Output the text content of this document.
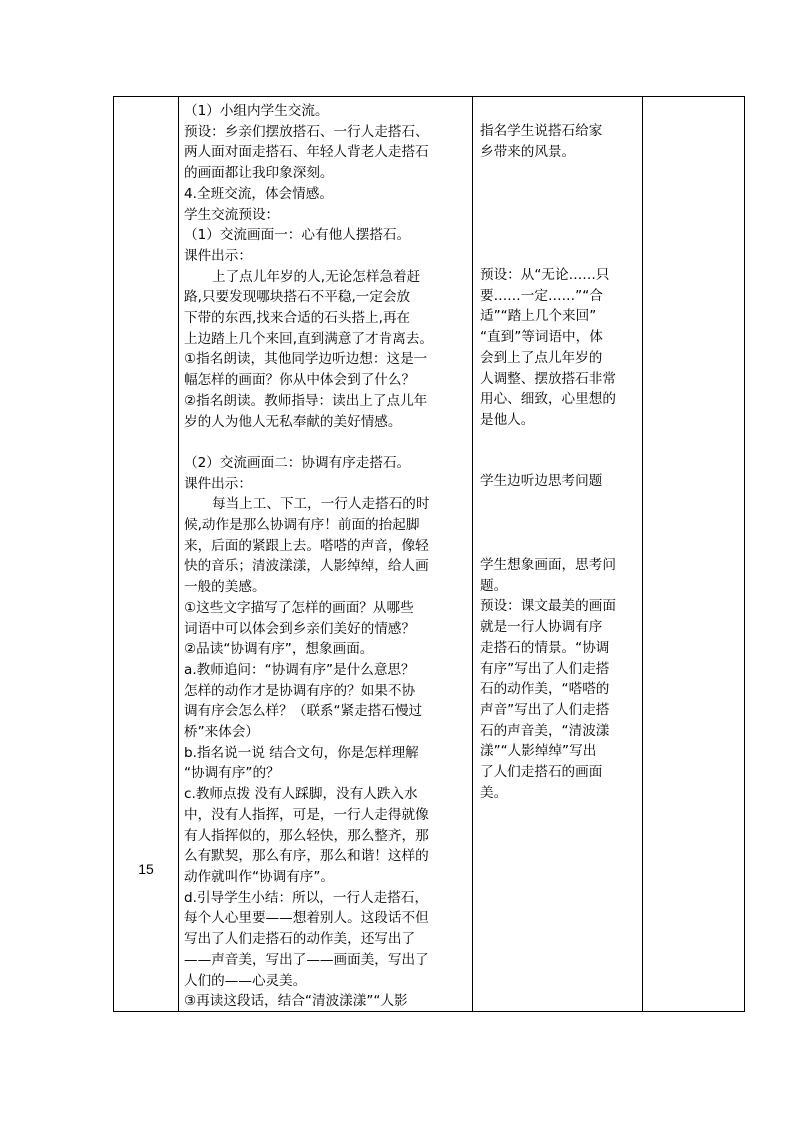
15
（1）小组内学生交流。
预设：乡亲们摆放搭石、一行人走搭石、
两人面对面走搭石、年轻人背老人走搭石
的画面都让我印象深刻。
4.全班交流，体会情感。
学生交流预设：
（1）交流画面一：心有他人摆搭石。
课件出示：
上了点儿年岁的人,无论怎样急着赶
路,只要发现哪块搭石不平稳,一定会放
下带的东西,找来合适的石头搭上,再在
上边踏上几个来回,直到满意了才肯离去。
①指名朗读，其他同学边听边想：这是一
幅怎样的画面？你从中体会到了什么？
②指名朗读。教师指导：读出上了点儿年
岁的人为他人无私奉献的美好情感。
（2）交流画面二：协调有序走搭石。
课件出示：
每当上工、下工，一行人走搭石的时
候,动作是那么协调有序！前面的抬起脚
来，后面的紧跟上去。嗒嗒的声音，像轻
快的音乐；清波漾漾，人影绰绰，给人画
一般的美感。
①这些文字描写了怎样的画面？从哪些
词语中可以体会到乡亲们美好的情感？
②品读“协调有序”，想象画面。
a.教师追问：“协调有序”是什么意思？
怎样的动作才是协调有序的？如果不协
调有序会怎么样？（联系“紧走搭石慢过
桥”来体会）
b.指名说一说 结合文句，你是怎样理解
“协调有序”的？
c.教师点拨 没有人踩脚，没有人跌入水
中，没有人指挥，可是，一行人走得就像
有人指挥似的，那么轻快，那么整齐，那
么有默契，那么有序，那么和谐！这样的
动作就叫作“协调有序”。
d.引导学生小结：所以，一行人走搭石，
每个人心里要——想着别人。这段话不但
写出了人们走搭石的动作美，还写出了
——声音美，写出了——画面美，写出了
人们的——心灵美。
③再读这段话，结合“清波漾漾”“人影
指名学生说搭石给家
乡带来的风景。
预设：从“无论……只
要……一定……”“合
适”“踏上几个来回”
“直到”等词语中，体
会到上了点儿年岁的
人调整、摆放搭石非常
用心、细致，心里想的
是他人。
学生边听边思考问题
学生想象画面，思考问
题。
预设：课文最美的画面
就是一行人协调有序
走搭石的情景。“协调
有序”写出了人们走搭
石的动作美，“嗒嗒的
声音”写出了人们走搭
石的声音美，“清波漾
漾”“人影绰绰”写出
了人们走搭石的画面
美。
